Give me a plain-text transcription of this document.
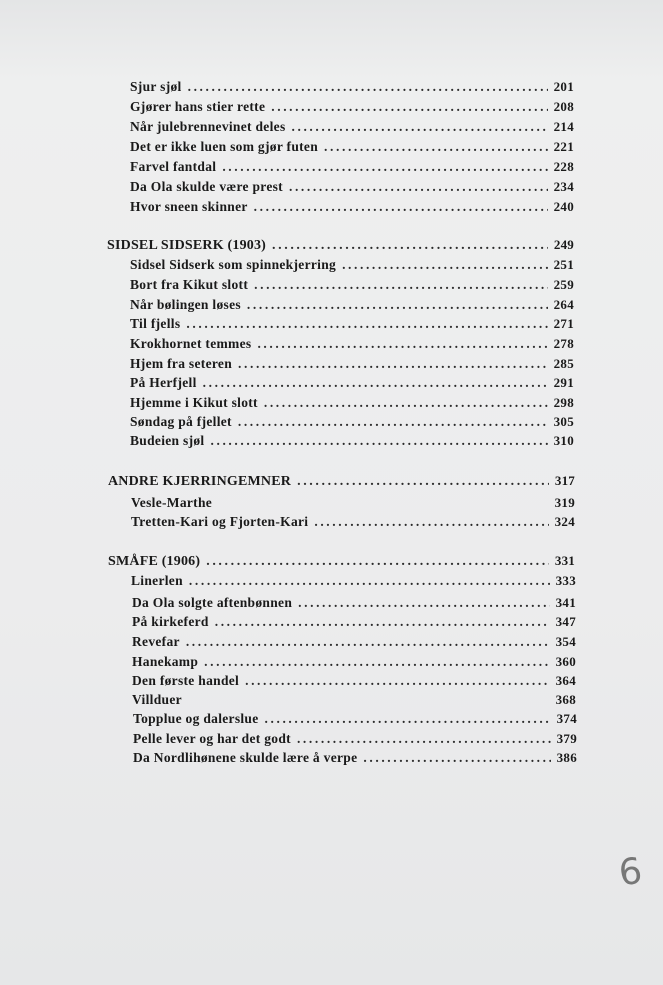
Sjur sjøl .....	201
Gjører hans stier rette .....	208
Når julebrennevinet deles .....	214
Det er ikke luen som gjør futen .....	221
Farvel fantdal .....	228
Da Ola skulde være prest .....	234
Hvor sneen skinner .....	240
SIDSEL SIDSERK (1903) .....	249
Sidsel Sidserk som spinnekjerring .....	251
Bort fra Kikut slott .....	259
Når bølingen løses .....	264
Til fjells .....	271
Krokhornet temmes .....	278
Hjem fra seteren .....	285
På Herfjell .....	291
Hjemme i Kikut slott .....	298
Søndag på fjellet .....	305
Budeien sjøl .....	310
ANDRE KJERRINGEMNER .....	317
Vesle-Marthe	319
Tretten-Kari og Fjorten-Kari .....	324
SMÅFE (1906) .....	331
Linerlen .....	333
Da Ola solgte aftenbønnen .....	341
På kirkeferd .....	347
Revefar .....	354
Hanekamp .....	360
Den første handel .....	364
Villduer	368
Topplue og dalerslue .....	374
Pelle lever og har det godt .....	379
Da Nordlihønene skulde lære å verpe .....	386
6
